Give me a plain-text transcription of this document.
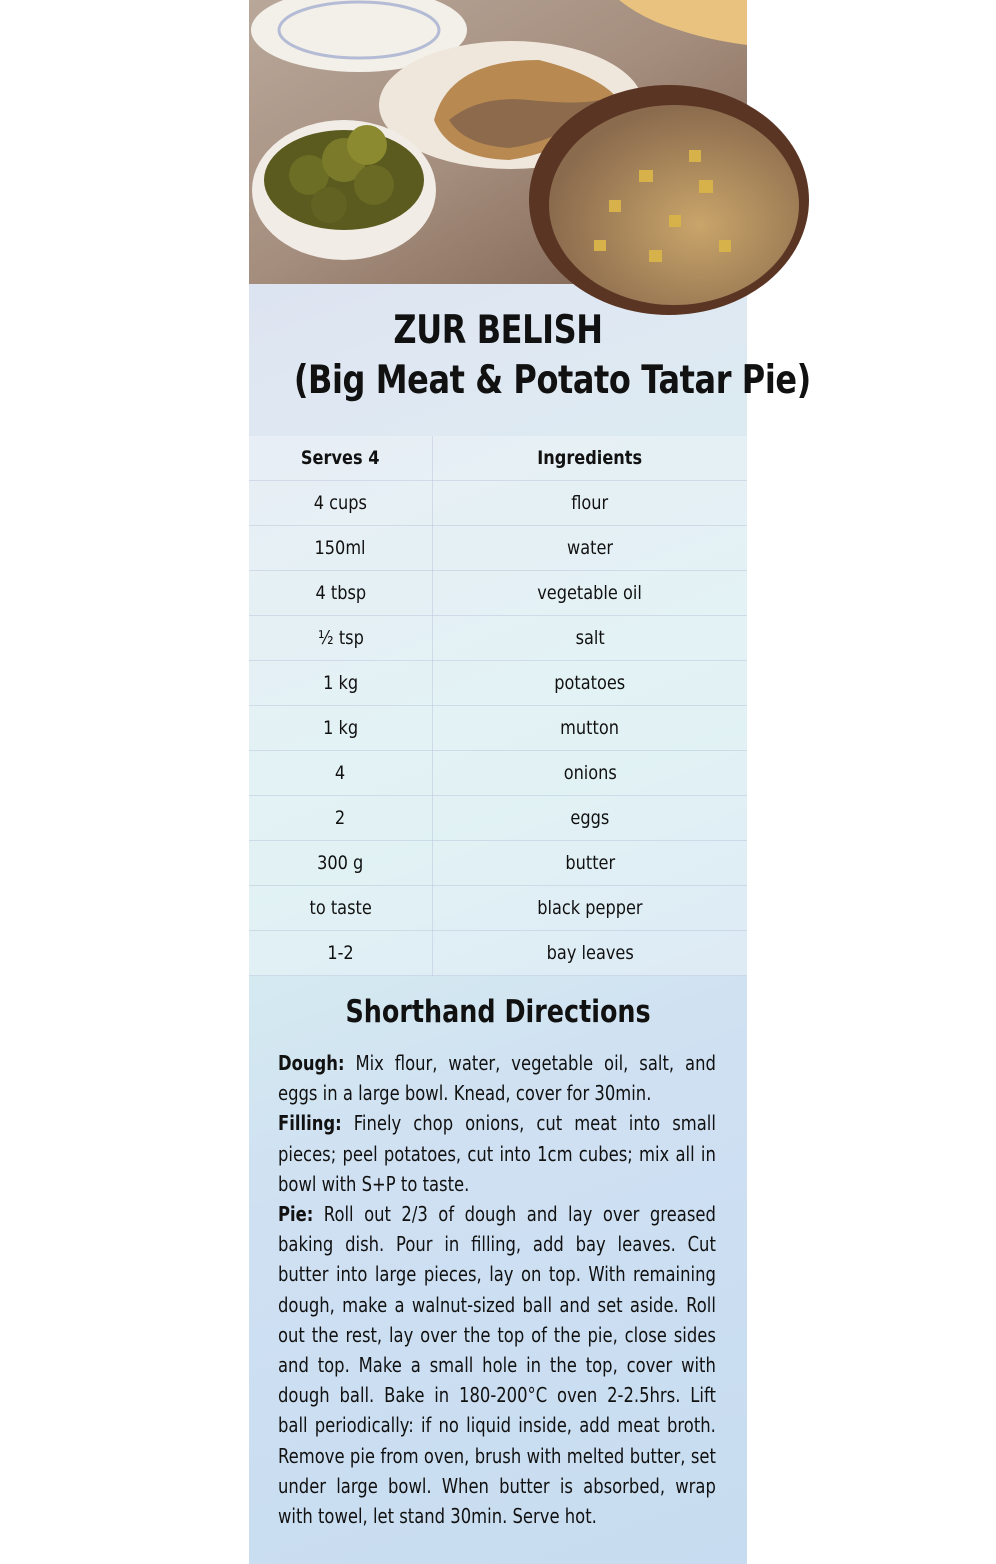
ZUR BELISH
(Big Meat & Potato Tatar Pie)
Serves 4	Ingredients
4 cups	flour
150ml	water
4 tbsp	vegetable oil
½ tsp	salt
1 kg	potatoes
1 kg	mutton
4	onions
2	eggs
300 g	butter
to taste	black pepper
1-2	bay leaves
Shorthand Directions

Dough: Mix flour, water, vegetable oil, salt, and eggs in a large bowl. Knead, cover for 30min.

Filling: Finely chop onions, cut meat into small pieces; peel potatoes, cut into 1cm cubes; mix all in bowl with S+P to taste.

Pie: Roll out 2/3 of dough and lay over greased baking dish. Pour in filling, add bay leaves. Cut butter into large pieces, lay on top. With remaining dough, make a walnut-sized ball and set aside. Roll out the rest, lay over the top of the pie, close sides and top. Make a small hole in the top, cover with dough ball. Bake in 180-200°C oven 2-2.5hrs. Lift ball periodically: if no liquid inside, add meat broth. Remove pie from oven, brush with melted butter, set under large bowl. When butter is absorbed, wrap with towel, let stand 30min. Serve hot.
